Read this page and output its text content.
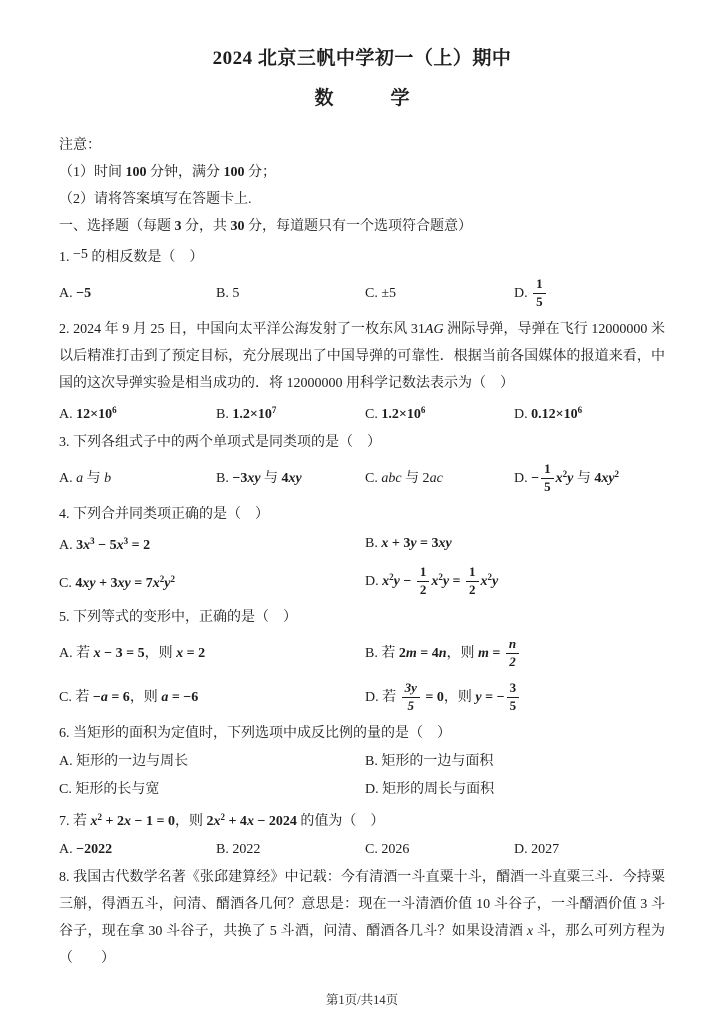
2024 北京三帆中学初一（上）期中
数　　　学

注意：

（1）时间 100 分钟，满分 100 分；

（2）请将答案填写在答题卡上.

一、选择题（每题 3 分，共 30 分，每道题只有一个选项符合题意）

1. −5 的相反数是（　）

A. −5	B. 5	C. ±5	D. $\frac{1}{5}$

2. 2024 年 9 月 25 日，中国向太平洋公海发射了一枚东风 31AG 洲际导弹，导弹在飞行 12000000 米以后精准打击到了预定目标，充分展现出了中国导弹的可靠性．根据当前各国媒体的报道来看，中国的这次导弹实验是相当成功的．将 12000000 用科学记数法表示为（　）

A. $12\times 10^6$	B. $1.2\times 10^7$	C. $1.2\times 10^6$	D. $0.12\times 10^6$

3. 下列各组式子中的两个单项式是同类项的是（　）

A. a 与 b	B. −3xy 与 4xy	C. abc 与 2ac	D. − $\frac{1}{5} x^2y$ 与 $4xy^2$

4. 下列合并同类项正确的是（　）

A. $3x^3 - 5x^3 = 2$	B. x + 3y = 3xy
C. $4xy + 3xy = 7x^2y^2$	D. $x^2y - \frac{1}{2} x^2y = \frac{1}{2} x^2y$

5. 下列等式的变形中，正确的是（　）

A. 若 x − 3 = 5，则 x = 2	B. 若 2m = 4n，则 $m = \frac{n}{2}$
C. 若 −a = 6，则 a = −6	D. 若 $\frac{3y}{5} = 0$，则 y = − $\frac{3}{5}$

6. 当矩形的面积为定值时，下列选项中成反比例的量的是（　）

A. 矩形的一边与周长	B. 矩形的一边与面积
C. 矩形的长与宽	D. 矩形的周长与面积

7. 若 $x^2 + 2x - 1 = 0$，则 $2x^2 + 4x - 2024$ 的值为（　）

A. −2022	B. 2022	C. 2026	D. 2027

8. 我国古代数学名著《张邱建算经》中记载：今有清酒一斗直粟十斗，醑酒一斗直粟三斗．今持粟三斛，得酒五斗，问清、醑酒各几何？意思是：现在一斗清酒价值 10 斗谷子，一斗醑酒价值 3 斗谷子，现在拿 30 斗谷子，共换了 5 斗酒，问清、醑酒各几斗？如果设清酒 x 斗，那么可列方程为（　　）

第1页/共14页
